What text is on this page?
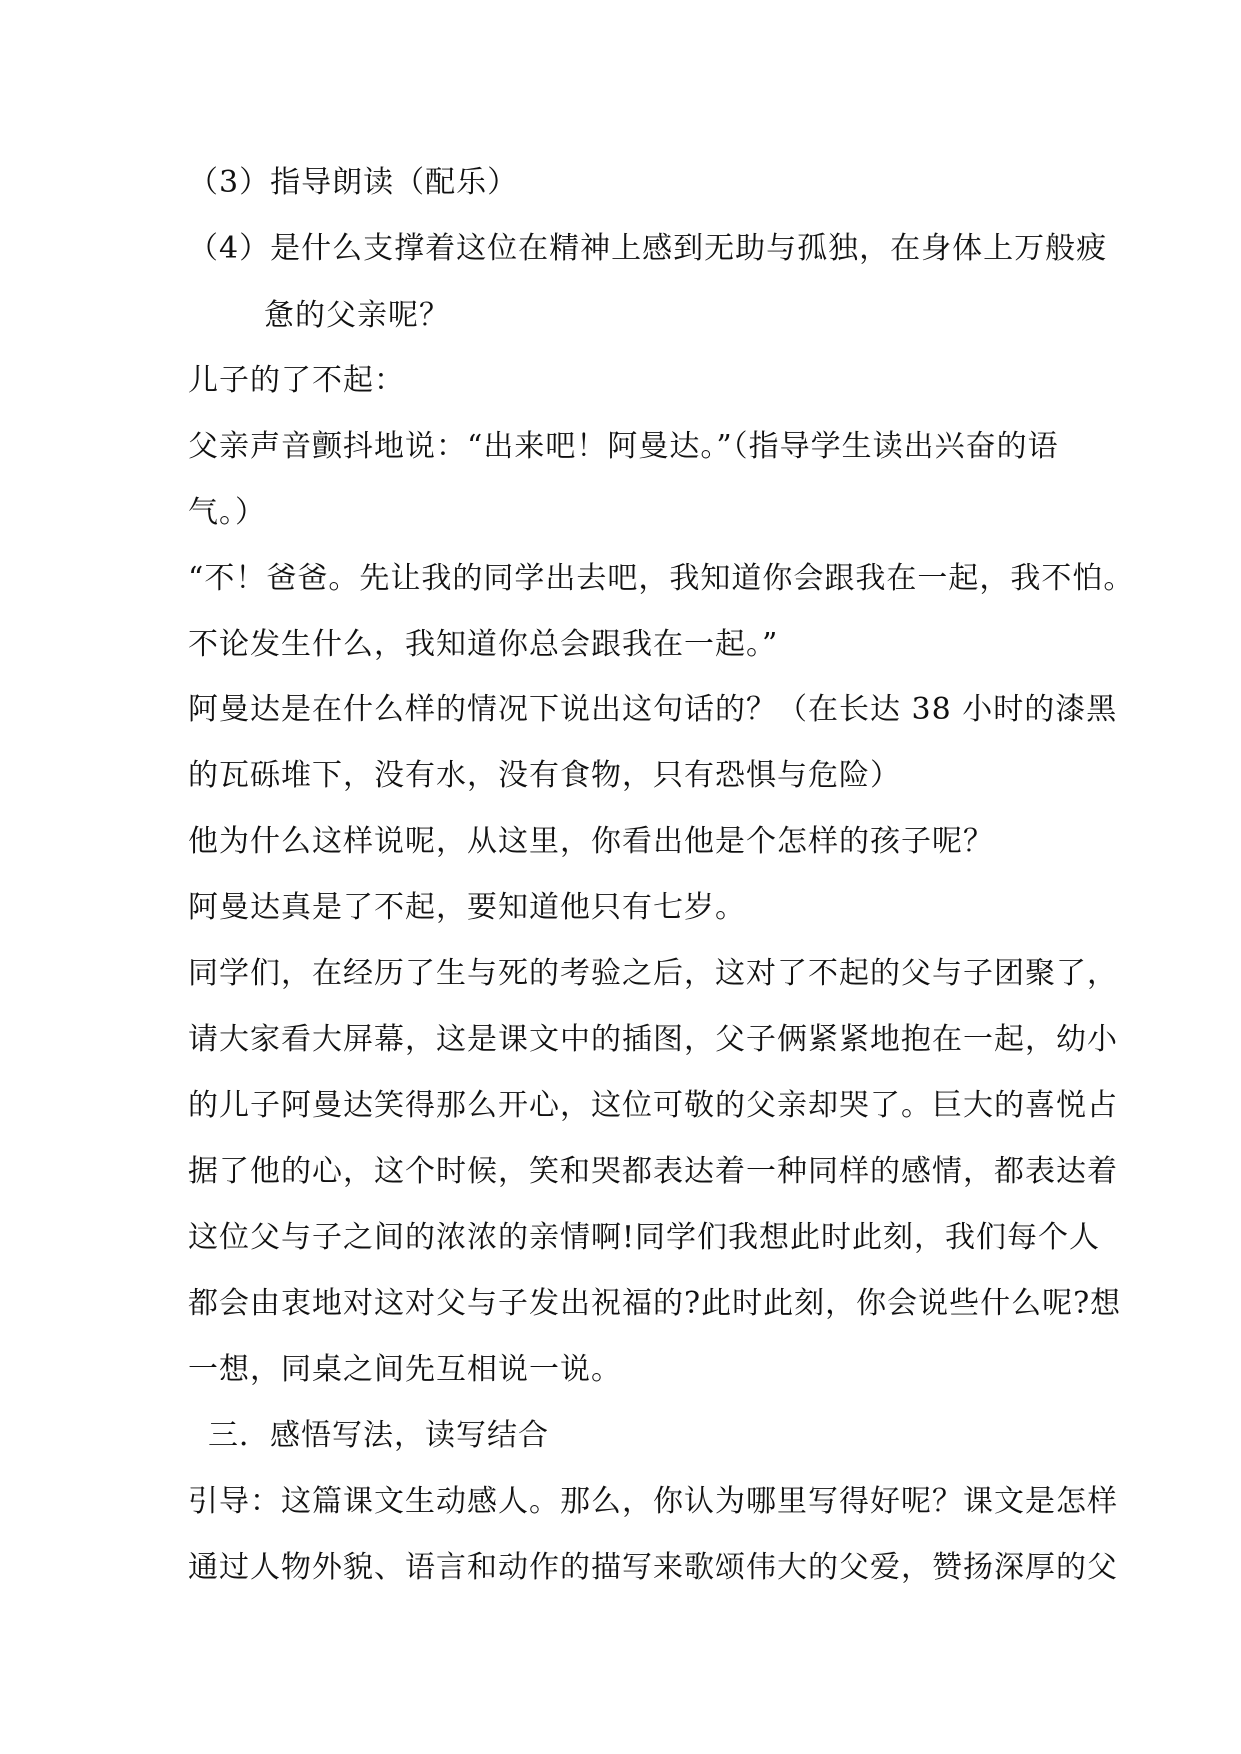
（3）指导朗读（配乐）
（4）是什么支撑着这位在精神上感到无助与孤独，在身体上万般疲
惫的父亲呢？
儿子的了不起：
父亲声音颤抖地说：“出来吧！阿曼达。”（指导学生读出兴奋的语
气。）
“不！爸爸。先让我的同学出去吧，我知道你会跟我在一起，我不怕。
不论发生什么，我知道你总会跟我在一起。”
阿曼达是在什么样的情况下说出这句话的？（在长达 38 小时的漆黑
的瓦砾堆下，没有水，没有食物，只有恐惧与危险）
他为什么这样说呢，从这里，你看出他是个怎样的孩子呢？
阿曼达真是了不起，要知道他只有七岁。
同学们，在经历了生与死的考验之后，这对了不起的父与子团聚了，
请大家看大屏幕，这是课文中的插图，父子俩紧紧地抱在一起，幼小
的儿子阿曼达笑得那么开心，这位可敬的父亲却哭了。巨大的喜悦占
据了他的心，这个时候，笑和哭都表达着一种同样的感情，都表达着
这位父与子之间的浓浓的亲情啊!同学们我想此时此刻，我们每个人
都会由衷地对这对父与子发出祝福的?此时此刻，你会说些什么呢?想
一想，同桌之间先互相说一说。
三．感悟写法，读写结合
引导：这篇课文生动感人。那么，你认为哪里写得好呢？课文是怎样
通过人物外貌、语言和动作的描写来歌颂伟大的父爱，赞扬深厚的父
